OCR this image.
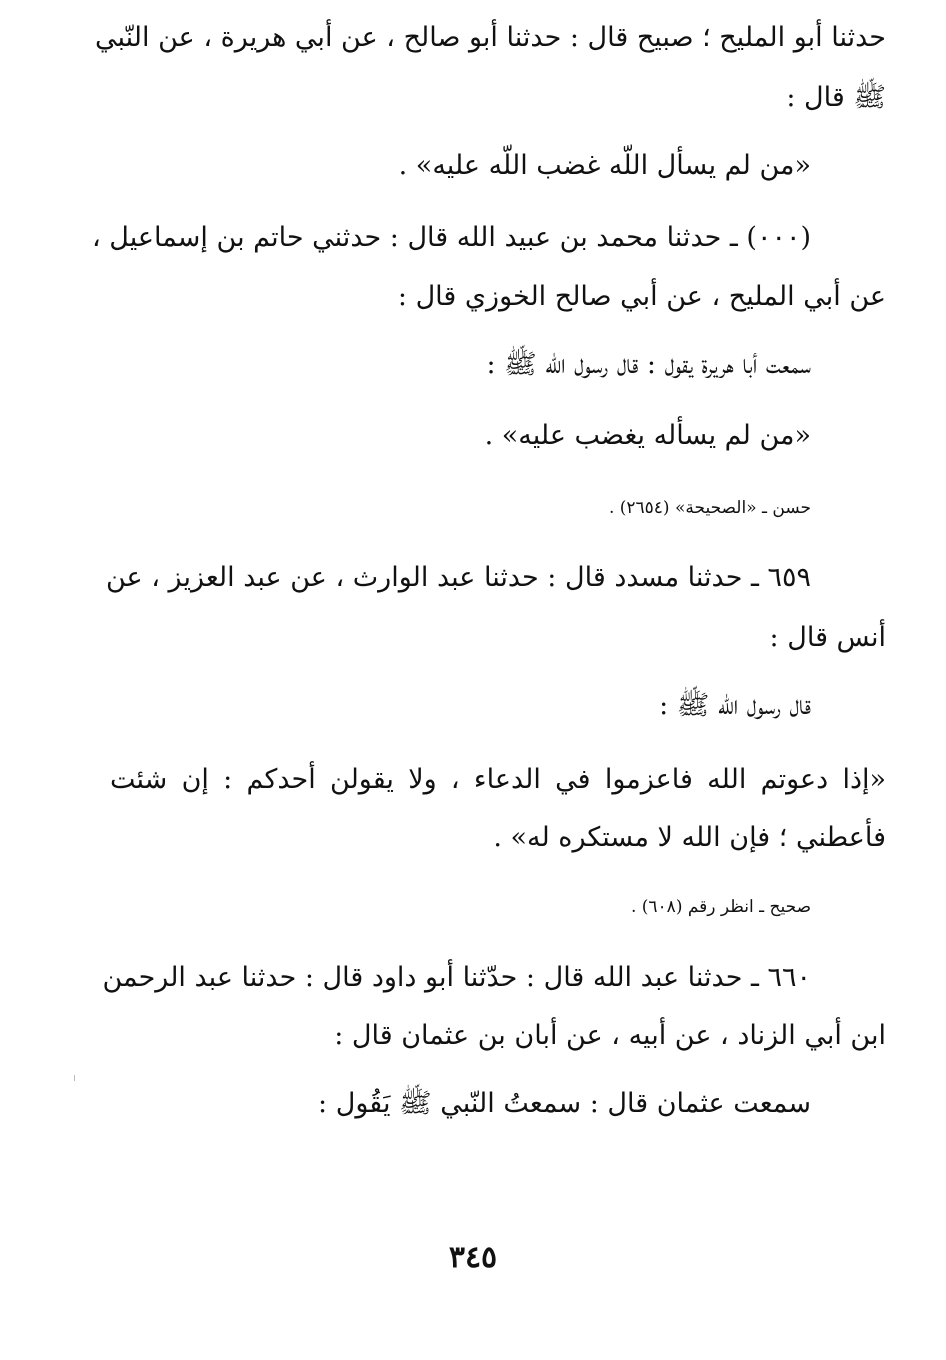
حدثنا أبو المليح ؛ صبيح قال : حدثنا أبو صالح ، عن أبي هريرة ، عن النّبي
ﷺ قال :
«من لم يسأل اللّه غضب اللّه عليه» .
(٠٠٠) ـ حدثنا محمد بن عبيد الله قال : حدثني حاتم بن إسماعيل ،
عن أبي المليح ، عن أبي صالح الخوزي قال :
سمعت أبا هريرة يقول : قال رسول الله ﷺ :
«من لم يسأله يغضب عليه» .
حسن ـ «الصحيحة» (٢٦٥٤) .
٦٥٩ ـ حدثنا مسدد قال : حدثنا عبد الوارث ، عن عبد العزيز ، عن
أنس قال :
قال رسول الله ﷺ :
«إذا دعوتم الله فاعزموا في الدعاء ، ولا يقولن أحدكم : إن شئت
فأعطني ؛ فإن الله لا مستكره له» .
صحيح ـ انظر رقم (٦٠٨) .
٦٦٠ ـ حدثنا عبد الله قال : حدّثنا أبو داود قال : حدثنا عبد الرحمن
ابن أبي الزناد ، عن أبيه ، عن أبان بن عثمان قال :
سمعت عثمان قال : سمعتُ النّبي ﷺ يَقُول :
٣٤٥
